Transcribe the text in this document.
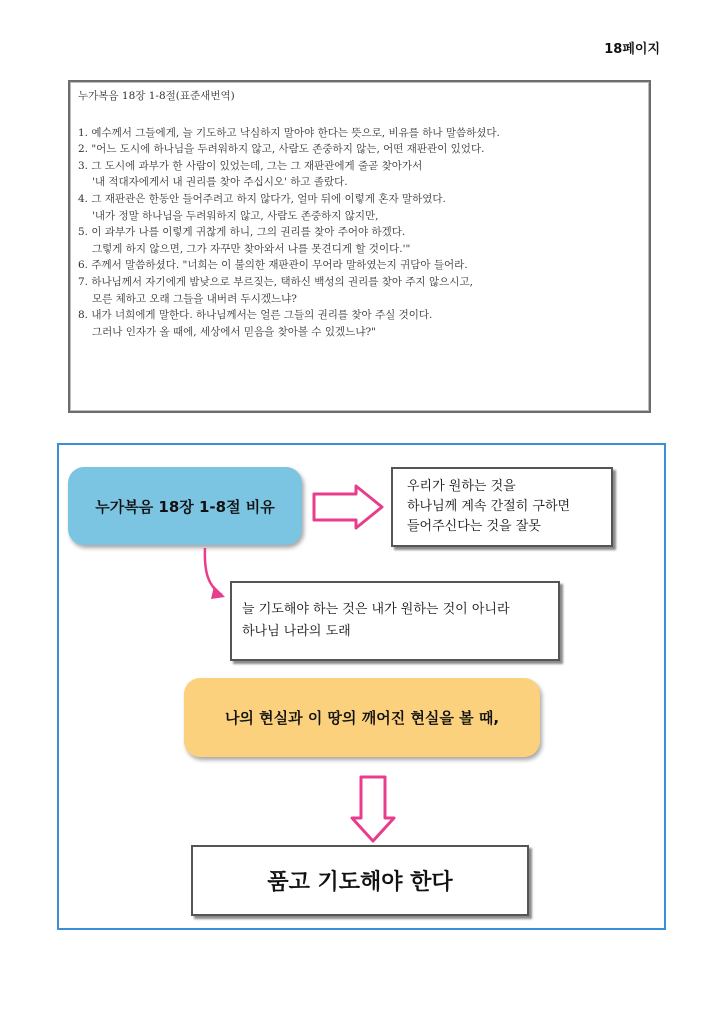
18페이지
누가복음 18장 1-8절(표준새번역)
1. 예수께서 그들에게, 늘 기도하고 낙심하지 말아야 한다는 뜻으로, 비유를 하나 말씀하셨다.
2. "어느 도시에 하나님을 두려워하지 않고, 사람도 존중하지 않는, 어떤 재판관이 있었다.
3. 그 도시에 과부가 한 사람이 있었는데, 그는 그 재판관에게 줄곧 찾아가서
'내 적대자에게서 내 권리를 찾아 주십시오' 하고 졸랐다.
4. 그 재판관은 한동안 들어주려고 하지 않다가, 얼마 뒤에 이렇게 혼자 말하였다.
'내가 정말 하나님을 두려워하지 않고, 사람도 존중하지 않지만,
5. 이 과부가 나를 이렇게 귀찮게 하니, 그의 권리를 찾아 주어야 하겠다.
그렇게 하지 않으면, 그가 자꾸만 찾아와서 나를 못견디게 할 것이다.'"
6. 주께서 말씀하셨다. "너희는 이 불의한 재판관이 무어라 말하였는지 귀담아 들어라.
7. 하나님께서 자기에게 밤낮으로 부르짖는, 택하신 백성의 권리를 찾아 주지 않으시고,
모른 체하고 오래 그들을 내버려 두시겠느냐?
8. 내가 너희에게 말한다. 하나님께서는 얼른 그들의 권리를 찾아 주실 것이다.
그러나 인자가 올 때에, 세상에서 믿음을 찾아볼 수 있겠느냐?"
누가복음 18장 1-8절 비유
우리가 원하는 것을
하나님께 계속 간절히 구하면
들어주신다는 것을 잘못
늘 기도해야 하는 것은 내가 원하는 것이 아니라
하나님 나라의 도래
나의 현실과 이 땅의 깨어진 현실을 볼 때,
품고 기도해야 한다
